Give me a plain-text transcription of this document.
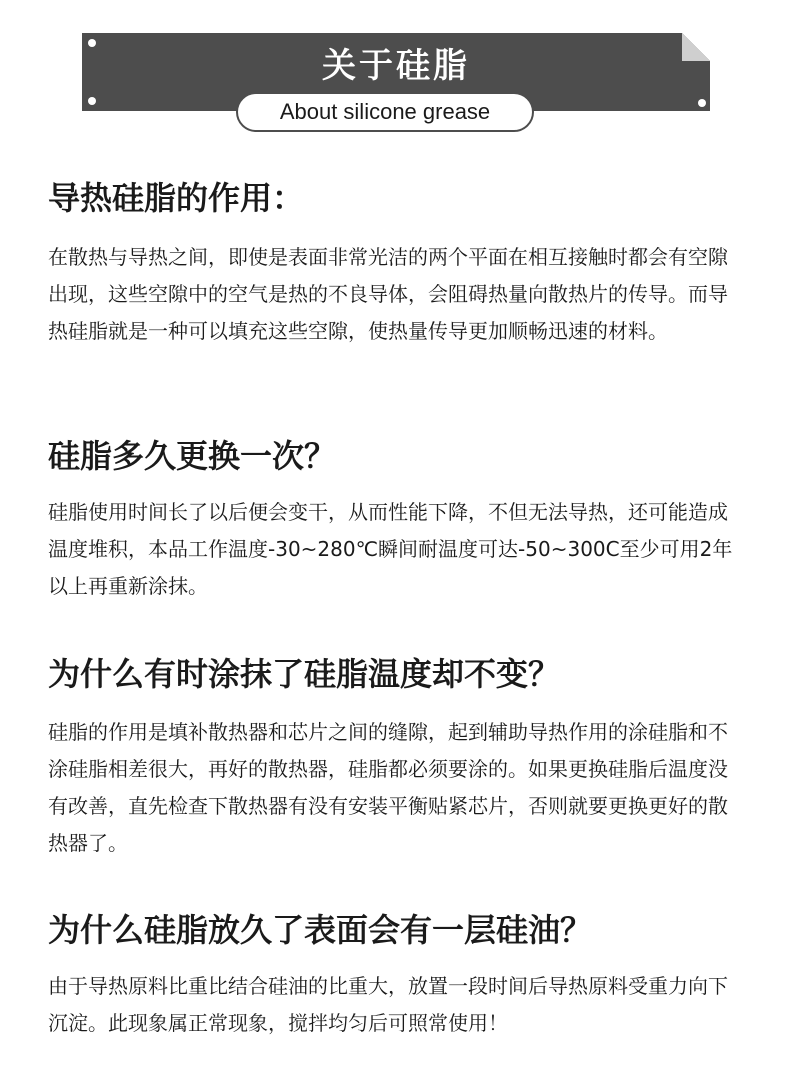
关于硅脂
About silicone grease
导热硅脂的作用：

在散热与导热之间，即使是表面非常光洁的两个平面在相互接触时都会有空隙出现，这些空隙中的空气是热的不良导体，会阻碍热量向散热片的传导。而导热硅脂就是一种可以填充这些空隙，使热量传导更加顺畅迅速的材料。

硅脂多久更换一次？

硅脂使用时间长了以后便会变干，从而性能下降，不但无法导热，还可能造成温度堆积，本品工作温度-30~280℃瞬间耐温度可达-50~300C至少可用2年以上再重新涂抹。

为什么有时涂抹了硅脂温度却不变？

硅脂的作用是填补散热器和芯片之间的缝隙，起到辅助导热作用的涂硅脂和不涂硅脂相差很大，再好的散热器，硅脂都必须要涂的。如果更换硅脂后温度没有改善，直先检查下散热器有没有安装平衡贴紧芯片，否则就要更换更好的散热器了。

为什么硅脂放久了表面会有一层硅油？

由于导热原料比重比结合硅油的比重大，放置一段时间后导热原料受重力向下沉淀。此现象属正常现象，搅拌均匀后可照常使用！
